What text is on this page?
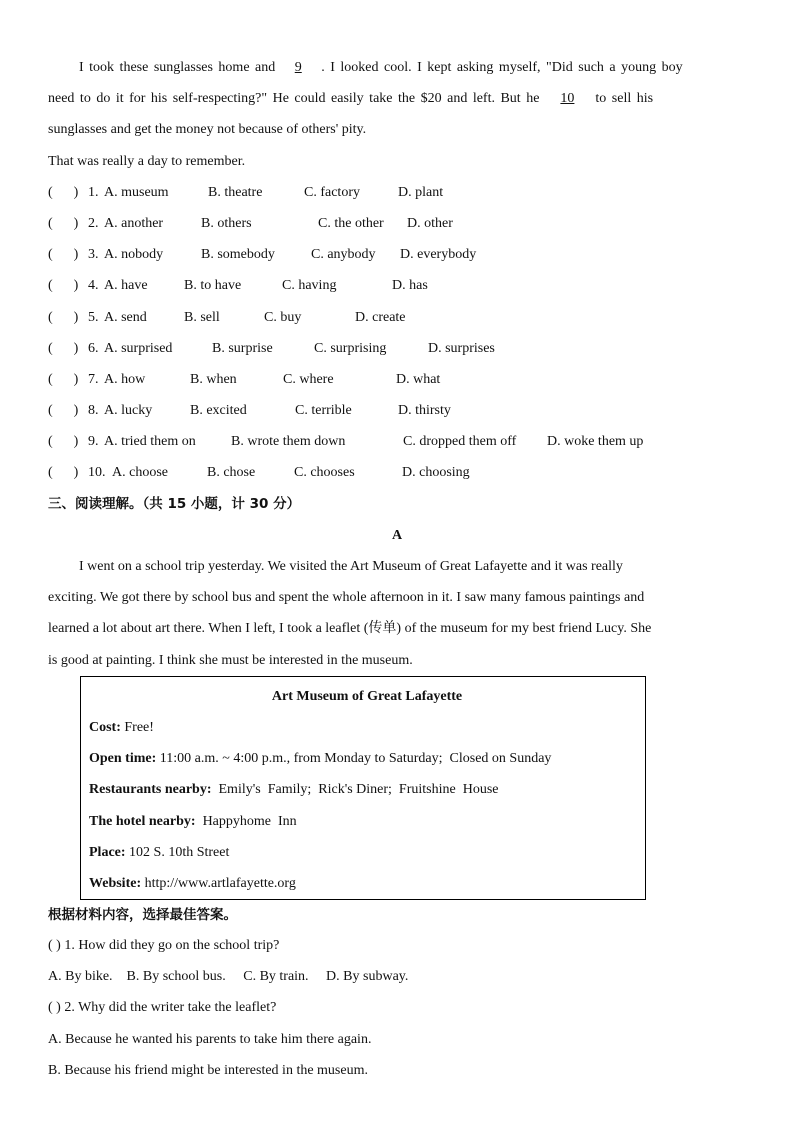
I took these sunglasses home and 9 . I looked cool. I kept asking myself, "Did such a young boy
need to do it for his self-respecting?" He could easily take the $20 and left. But he 10 to sell his
sunglasses and get the money not because of others' pity.
That was really a day to remember.
(      ) 1. A. museum	B. theatre	C. factory	D. plant
(      ) 2. A. another	B. others	C. the other D. other
(      ) 3. A. nobody	B. somebody	C. anybody D. everybody
(      ) 4. A. have	B. to have	C. having	D. has
(      ) 5. A. send	B. sell	C. buy	D. create
(      ) 6. A. surprised	B. surprise	C. surprising	D. surprises
(      ) 7. A. how	B. when	C. where	D. what
(      ) 8. A. lucky	B. excited	C. terrible	D. thirsty
(      ) 9. A. tried them on	B. wrote them down	C. dropped them off D. woke them up
(      ) 10. A. choose	B. chose	C. chooses	D. choosing
三、阅读理解。（共 15 小题，计 30 分）
A
I went on a school trip yesterday. We visited the Art Museum of Great Lafayette and it was really
exciting. We got there by school bus and spent the whole afternoon in it. I saw many famous paintings and
learned a lot about art there. When I left, I took a leaflet (传单) of the museum for my best friend Lucy. She
is good at painting. I think she must be interested in the museum.
Art Museum of Great Lafayette
Cost: Free!
Open time: 11:00 a.m. ~ 4:00 p.m., from Monday to Saturday;  Closed on Sunday
Restaurants nearby:  Emily's  Family;  Rick's Diner;  Fruitshine  House
The hotel nearby:  Happyhome  Inn
Place: 102 S. 10th Street
Website: http://www.artlafayette.org
根据材料内容，选择最佳答案。
( ) 1. How did they go on the school trip?
A. By bike.    B. By school bus.     C. By train.     D. By subway.
( ) 2. Why did the writer take the leaflet?
A. Because he wanted his parents to take him there again.
B. Because his friend might be interested in the museum.
